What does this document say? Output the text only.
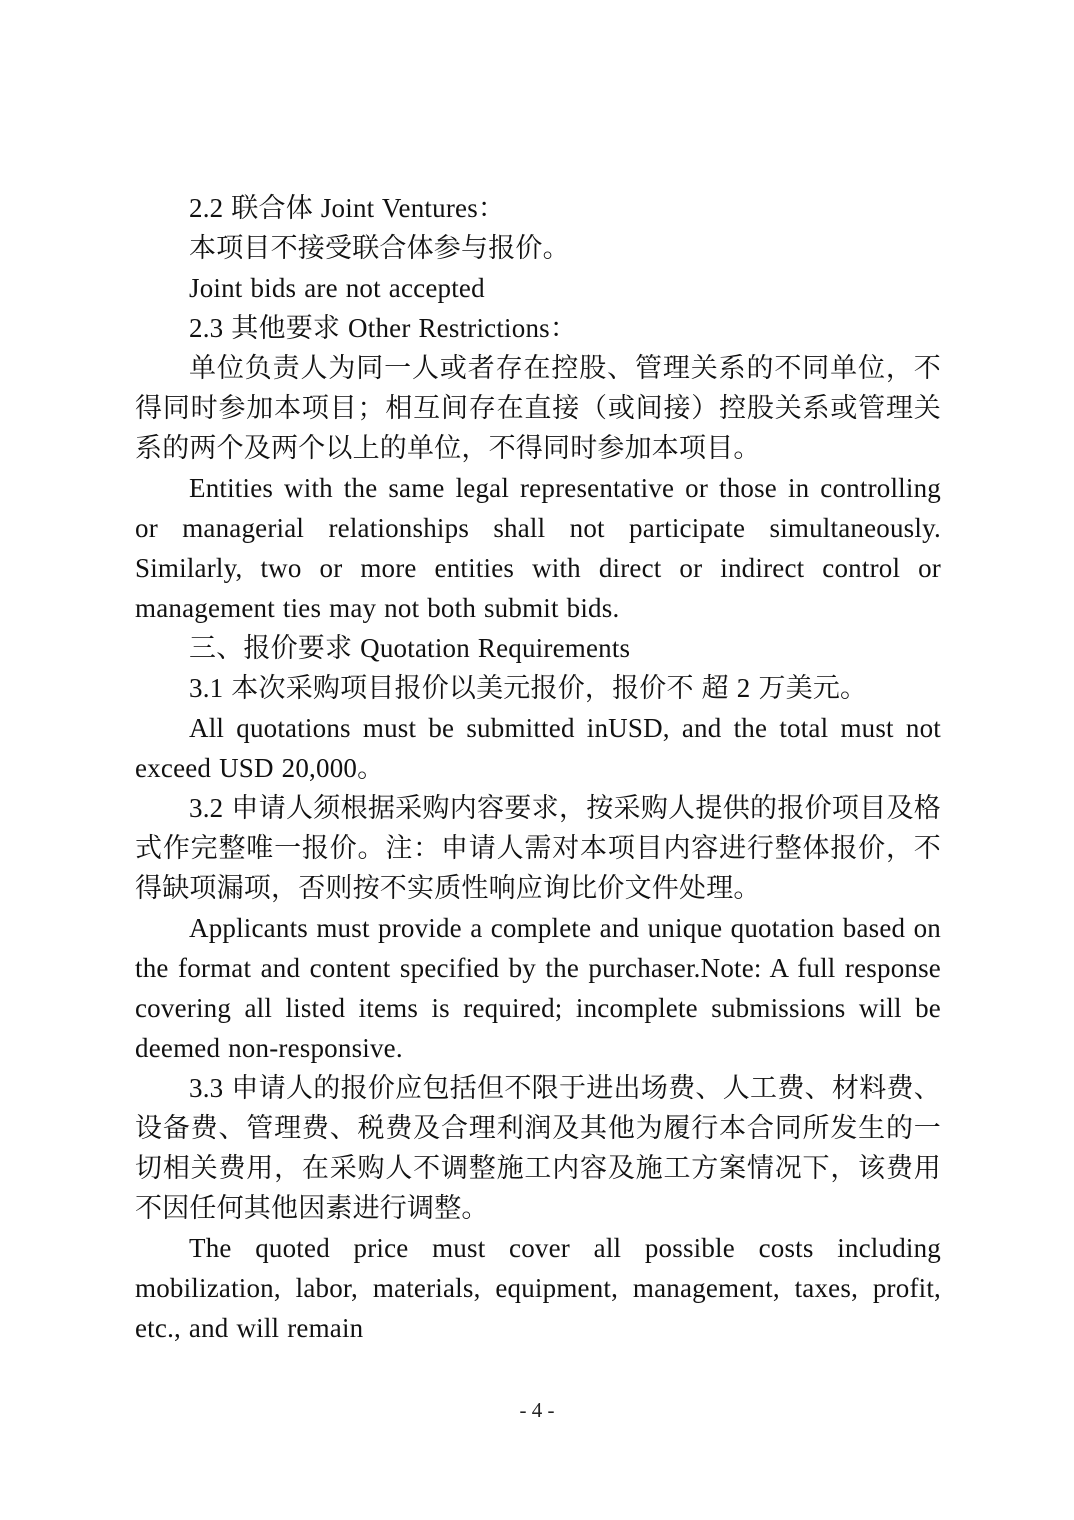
2.2 联合体 Joint Ventures：

本项目不接受联合体参与报价。

Joint bids are not accepted

2.3 其他要求 Other Restrictions：

单位负责人为同一人或者存在控股、管理关系的不同单位，不得同时参加本项目；相互间存在直接（或间接）控股关系或管理关系的两个及两个以上的单位，不得同时参加本项目。

Entities with the same legal representative or those in controlling or managerial relationships shall not participate simultaneously. Similarly, two or more entities with direct or indirect control or management ties may not both submit bids.

三、报价要求 Quotation Requirements

3.1 本次采购项目报价以美元报价，报价不 超 2 万美元。

All quotations must be submitted inUSD, and the total must not exceed USD 20,000。

3.2 申请人须根据采购内容要求，按采购人提供的报价项目及格式作完整唯一报价。注：申请人需对本项目内容进行整体报价，不得缺项漏项，否则按不实质性响应询比价文件处理。

Applicants must provide a complete and unique quotation based on the format and content specified by the purchaser.Note: A full response covering all listed items is required; incomplete submissions will be deemed non-responsive.

3.3 申请人的报价应包括但不限于进出场费、人工费、材料费、设备费、管理费、税费及合理利润及其他为履行本合同所发生的一切相关费用，在采购人不调整施工内容及施工方案情况下，该费用不因任何其他因素进行调整。

The quoted price must cover all possible costs including mobilization, labor, materials, equipment, management, taxes, profit, etc., and will remain

- 4 -
